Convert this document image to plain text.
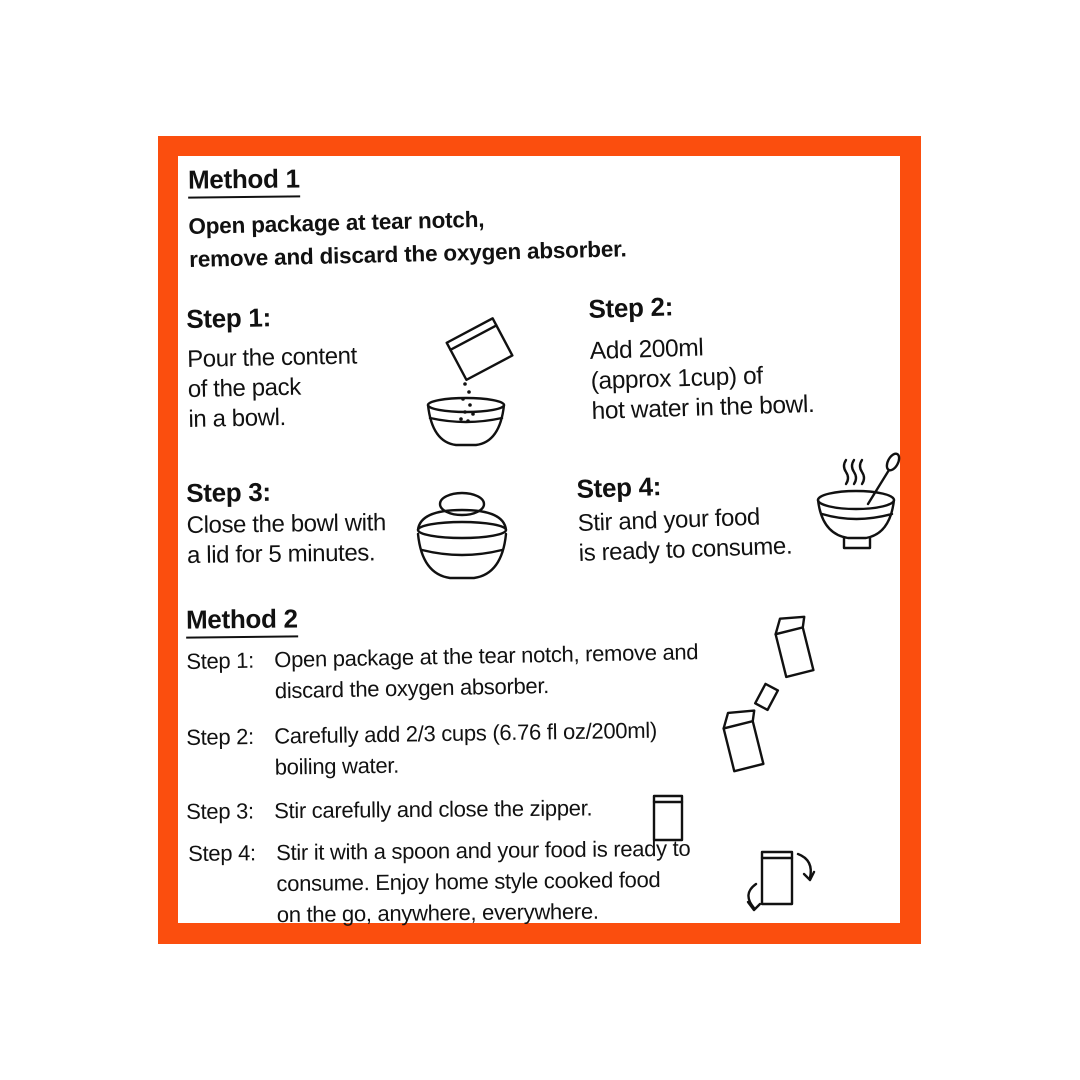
Method 1
Open package at tear notch,
remove and discard the oxygen absorber.
Step 1:
Pour the content
of the pack
in a bowl.
Step 2:
Add 200ml
(approx 1cup) of
hot water in the bowl.
Step 3:
Close the bowl with
a lid for 5 minutes.
Step 4:
Stir and your food
is ready to consume.
Method 2
Step 1: Open package at the tear notch, remove and
discard the oxygen absorber.
Step 2: Carefully add 2/3 cups (6.76 fl oz/200ml)
boiling water.
Step 3: Stir carefully and close the zipper.
Step 4: Stir it with a spoon and your food is ready to
consume. Enjoy home style cooked food
on the go, anywhere, everywhere.
